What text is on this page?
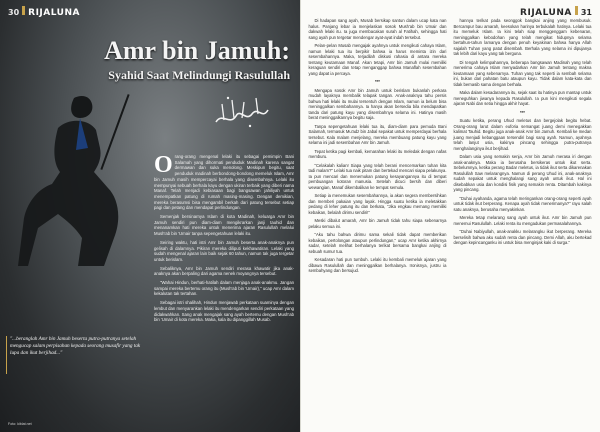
30 RIJALUNA
Amr bin Jamuh:
Syahid Saat Melindungi Rasulullah
O rang-orang mengenal lelaki itu sebagai pemimpin Bani Salamah yang dihormati penduduk Madinah karena sangat dermawan dan suka menolong. Meskipun begitu, saat penduduk madinah berbondong-bondong memeluk Islam, Amr bin Jamuh masih mempercayai berhala yang disembahnya. Lelaki itu mempunyai sebuah berhala kayu dengan ukiran terbaik yang diberi nama Manaf. Telah menjadi kebiasaan bagi bangsawan jahiliyah untuk menempatkan patung di rumah masing-masing. Dengan demikian, mereka berasumsi bisa mengambil berkah dari patung tersebut setiap pagi dan petang dan mendapat perlindungan.

Semenjak bersinarnya Islam di kota Madinah, keluarga Amr bin Jamuh sendiri pun diam-diam mengikrarkan janji tauhid dan menanamkan hati mereka untuk menerima ajaran Rasulullah melalui Mush'ab bin 'Umair tanpa sepengetahuan lelaki itu.

Seiring waktu, hati istri Amr bin Jamuh beserta anak-anaknya pun gelisah di dalamnya. Pikiran mereka diliputi kekhawatiran. Lelaki yang sudah mengenal ajaran lain baik sejak 60 tahun, namun tak juga tergetar untuk berislam.

Sebaliknya, Amr bin Jamuh sendiri merasa khawatir jika anak-anaknya akan berpaling dari agama nenek moyangnya tersebut.

"Wahai Hindun, berhati-hatilah dalam menjaga anak-anakmu. Jangan sampai mereka bertemu orang itu (Mush'ab bin 'Umair)," ucap Amr dalam kekalutan tak tertahan.

Sebagai istri shalihah, Hindun menjawab perkataan suaminya dengan lembut dan menyarankan lelaki itu mendengarkan sendiri perkataan yang didakwahkan. Sang anak mengajak sang ayah bertemu dengan Mush'ab bin 'Umair di kota mereka. Maka, kala itu dipanggillah Musab.

"...beranglah Amr bin Jamuh beserta putra-putranya setelah mengucap salam perpisahan kepada seorang musafir yang tak lupa dan ikut berjihad..."
Foto: kiblat.net
RIJALUNA 31

Di hadapan sang ayah, Musab bersikap santun dalam ucap kata nan halus. Panjang lebar ia menjelaskan sosok Mush'ab bin Umair dan dakwah lelaki itu. Ia juga membacakan surah al Fatihah, sehingga hati sang ayah pun tergetar mendengar ayat-ayat indah tersebut.

Pelan-pelan Musab mengajak ayahnya untuk mengikuti cahaya Islam, namun lelaki tua itu berpikir bahwa ia harus meminta izin dari sesembahannya. Maka, terjadilah diskusi rahasia di antara mereka tentang keutamaan Manaf. Akan tetapi, Amr bin Jamuh mulai memiliki keraguan sendiri dan tetap menganggap bahwa Manaflah sesembahan yang dapat ia percaya.

***

Mengapa sosok Amr bin Jamuh untuk berislam bukanlah perkara mudah layaknya membalik telapak tangan. Anak-anaknya tahu persis bahwa hati lelaki itu mulai tersentuh dengan Islam, namun ia belum bisa meninggalkan sembahannya. Ia hanya akan bersedia bila mendapatkan tanda dari patung kayu yang disembahnya selama ini. Hatinya masih berat meninggalkannya begitu saja.

Tanpa sepengetahuan lelaki tua itu, diam-diam para pemuda Bani Salamah, termasuk Mu'adz bin Jabal sepakat untuk memperdayai berhala tersebut. Kala malam menjelang, mereka membuang patung kayu yang selama ini jadi sesembahan Amr bin Jamuh.

Tepat ketika pagi kembali, kemarahan lelaki itu meledak dengan nafas memburu.

"Celakalah kalian! Siapa yang telah berani mencemarkan tuhan kita tadi malam?" Lelaki tua naik pitam dan bertekad mencari siapa pelakunya. Ia pun mencari dan menemukan patung kesayangannya itu di tempat pembuangan kotoran manusia. Setelah dicuci bersih dan diberi wewangian, Manaf dikembalikan ke tempat semula.

Setiap ia menemukan sesembahannya, ia akan segera membersihkan dan memberi pakaian yang layak. Hingga suatu ketika ia meletakkan pedang di leher patung itu dan berkata, "Jika engkau memang memiliki kebaikan, belalah dirimu sendiri!"

Meski dibalut amarah, Amr bin Jamuh tidak tahu siapa sebenarnya pelaku semua ini.

"Aku tahu bahwa dirimu sama sekali tidak dapat memberikan kebaikan, pertolongan ataupun perlindungan," ucap Amr ketika akhirnya sadar, setelah melihat berhalanya terikat bersama bangkai anjing di sebuah sumur tua.

Kesadaran hati pun tumbuh. Lelaki itu kembali memeluk ajaran yang dibawa Rasulullah dan meninggalkan berhalanya. Ironisnya, justru ia sembahyang dan bersujud.

hannya terikat pada seonggok bangkai anjing yang membusuk. Bercampur bau amarah, keesokan harinya terbukalah hatinya. Lelaki tua itu memeluk Islam. Ia kini telah siap menggenggam kebenaran, meninggalkan kebodohan yang telah mengikat hidupnya selama bertahun-tahun lamanya dengan penuh keyakinan bahwa hanya Allah sajalah Tuhan yang patut disembah. Berhala yang selama ini dipujanya tak lebih dari kayu yang tak berguna.

Di tengah kelimpahannya, beberapa bangsawan Madinah yang telah menerima cahaya Islam menyadarkan Amr bin Jamuh tentang makna keutamaan yang sebenarnya. Tuhan yang tak seperti ia sembah selama ini, bukan dari pahatan batu ataupun kayu. Tidak dalam kata-kata dan tidak bernasib sama dengan berhala.

Maka dalam kesadarannya itu, sejak saat itu hatinya pun mantap untuk meneguhkan jiwanya kepada Rasulullah. Ia pun kini mengikuti segala ajaran Nabi dan setia hingga akhir hayat.

***

Suatu ketika, perang Uhud meletus dan bergejolak begitu hebat. Orang-orang larut dalam euforia semangat juang demi menegakkan kalimat Tauhid. Begitu juga anak-anak Amr bin Jamuh. Kembali ke medan juang menjadi kebanggaan tersendiri bagi sang ayah. Namun, ayahnya telah lanjut usia, kakinya pincang sehingga putra-putranya menghalanginya ikut berjihad.

Dalam usia yang semakin senja, Amr bin Jamuh merasa iri dengan anak-anaknya. Maka ia berusaha bersikeras untuk ikut serta. Sebelumnya, ketika perang Badar meletus, ia tidak ikut serta dikarenakan Rasulullah Saw melarangnya. Namun di perang Uhud ini, anak-anaknya sudah sepakat untuk menghalangi sang ayah untuk ikut. Hal ini disebabkan usia dan kondisi fisik yang semakin renta. Ditambah kakinya yang pincang.

"Duhai ayahanda, agama telah meringankan orang-orang seperti ayah untuk tidak ikut berperang. Kenapa ayah tidak menerimanya?" rayu salah satu anaknya, berusaha menyakinkan.

Mereka tetap melarang sang ayah untuk ikut. Amr bin Jamuh pun menemui Rasulullah. Lelaki renta itu mengadukan permasalahannya.

"Duhai Nabiyullah, anak-anakku melarangku ikut berperang. Mereka berselisih bahwa aku sudah renta dan pincang. Demi Allah, aku bertekad dengan kepincanganku ini untuk bisa menginjak kaki di surga."
